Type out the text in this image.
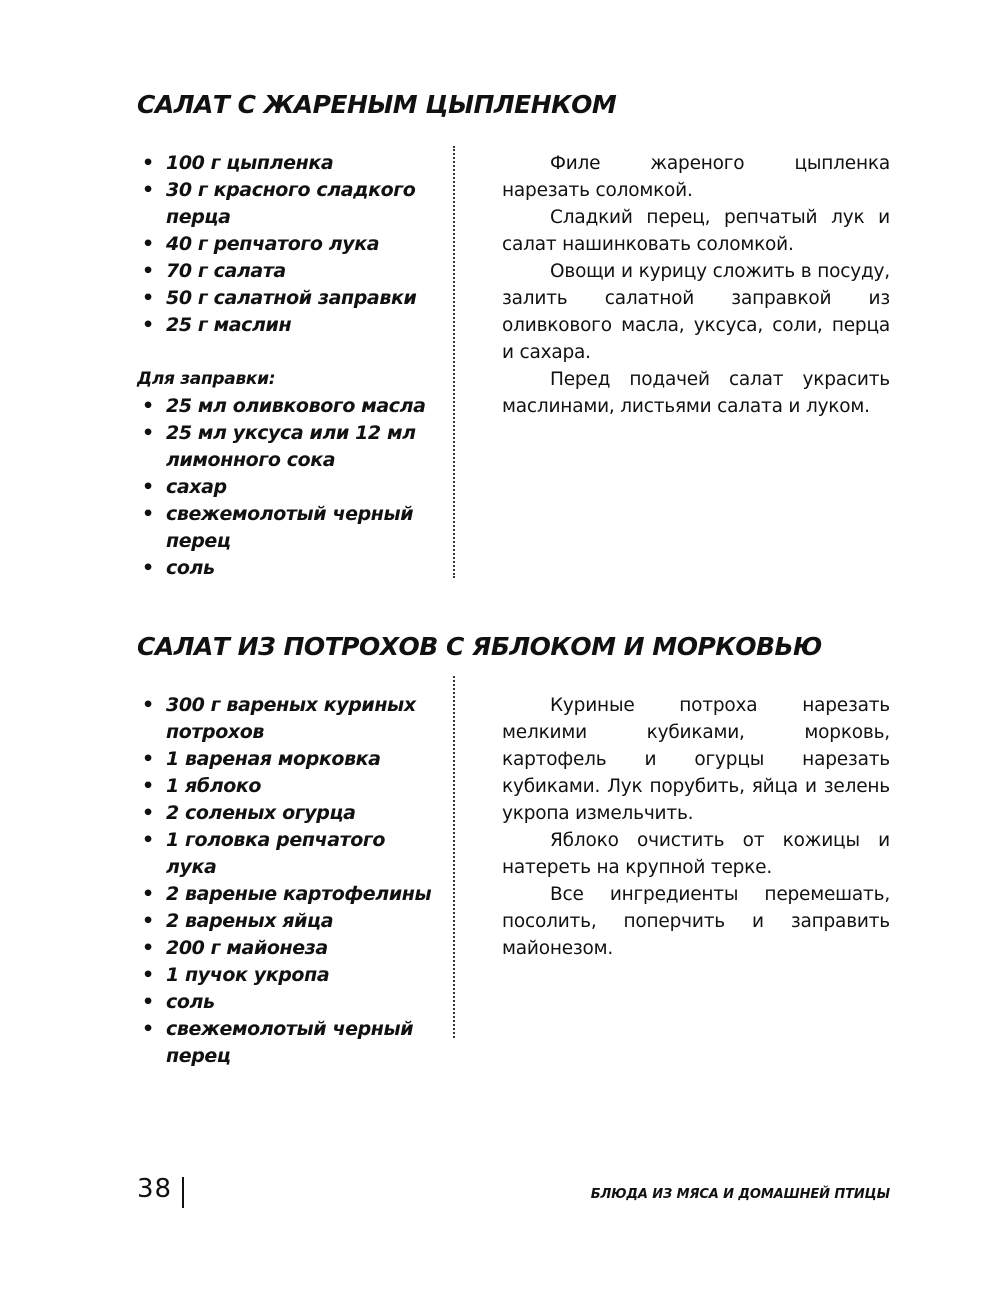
САЛАТ С ЖАРЕНЫМ ЦЫПЛЕНКОМ
• 100 г цыпленка
• 30 г красного сладкого перца
• 40 г репчатого лука
• 70 г салата
• 50 г салатной заправки
• 25 г маслин
Для заправки:
• 25 мл оливкового масла
• 25 мл уксуса или 12 мл лимонного сока
• сахар
• свежемолотый черный перец
• соль

Филе жареного цыпленка нарезать соломкой.

Сладкий перец, репчатый лук и салат нашинковать соломкой.

Овощи и курицу сложить в посуду, залить салатной заправкой из оливкового масла, уксуса, соли, перца и сахара.

Перед подачей салат украсить маслинами, листьями салата и луком.

САЛАТ ИЗ ПОТРОХОВ С ЯБЛОКОМ И МОРКОВЬЮ
• 300 г вареных куриных потрохов
• 1 вареная морковка
• 1 яблоко
• 2 соленых огурца
• 1 головка репчатого лука
• 2 вареные картофелины
• 2 вареных яйца
• 200 г майонеза
• 1 пучок укропа
• соль
• свежемолотый черный перец

Куриные потроха нарезать мелкими кубиками, морковь, картофель и огурцы нарезать кубиками. Лук порубить, яйца и зелень укропа измельчить.

Яблоко очистить от кожицы и натереть на крупной терке.

Все ингредиенты перемешать, посолить, поперчить и заправить майонезом.

38	БЛЮДА ИЗ МЯСА И ДОМАШНЕЙ ПТИЦЫ
